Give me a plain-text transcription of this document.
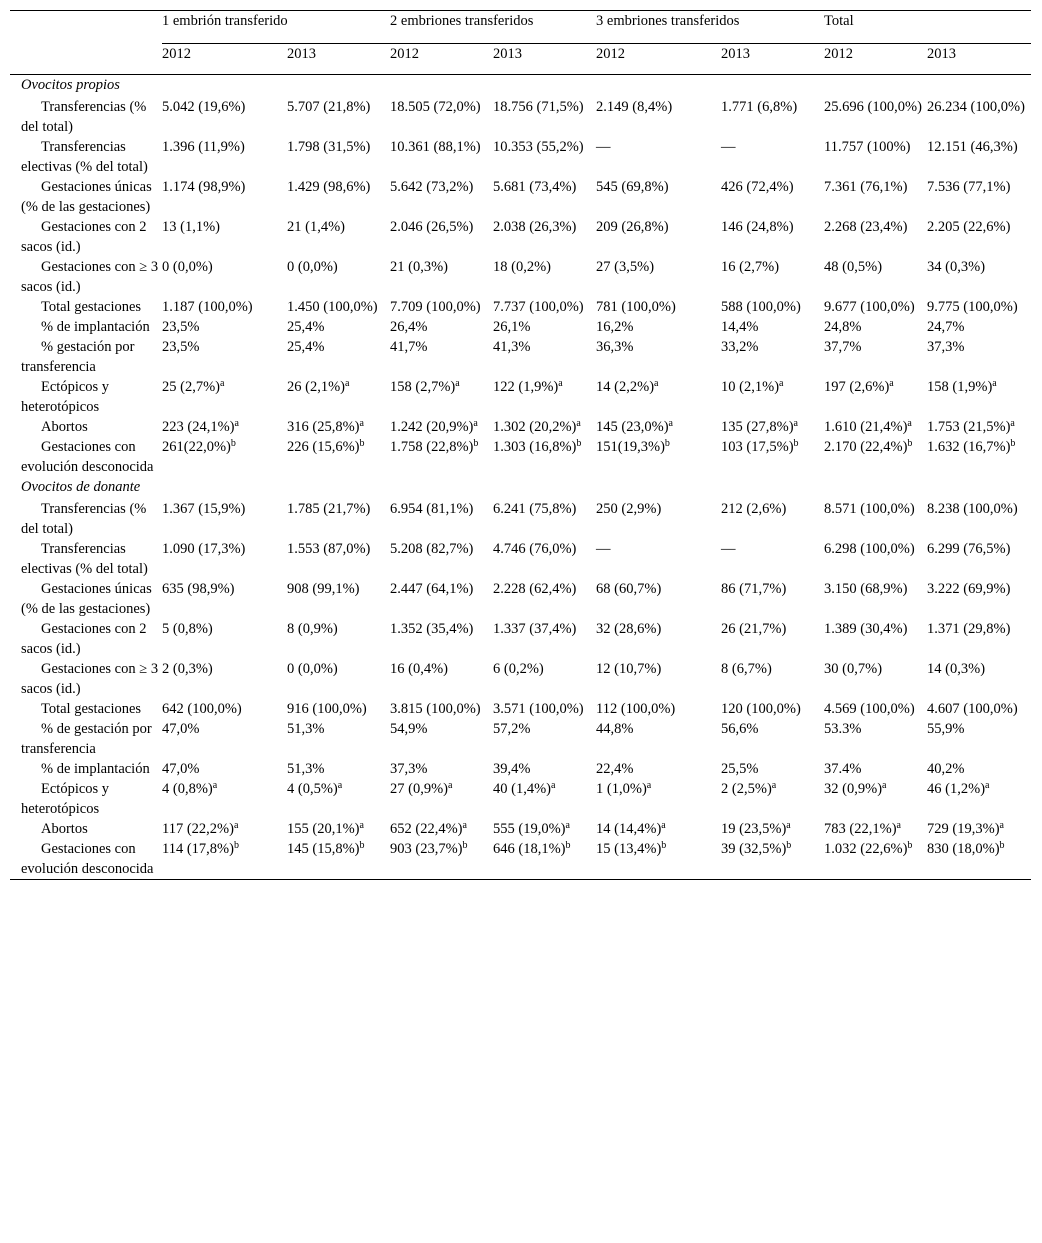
	1 embrión transferido		2 embriones transferidos		3 embriones transferidos		Total	
	2012	2013	2012	2013	2012	2013	2012	2013
Ovocitos propios								

Transferencias (% del total)	5.042 (19,6%)	5.707 (21,8%)	18.505 (72,0%)	18.756 (71,5%)	2.149 (8,4%)	1.771 (6,8%)	25.696 (100,0%)	26.234 (100,0%)

Transferencias electivas (% del total)	1.396 (11,9%)	1.798 (31,5%)	10.361 (88,1%)	10.353 (55,2%)	—	—	11.757 (100%)	12.151 (46,3%)

Gestaciones únicas (% de las gestaciones)	1.174 (98,9%)	1.429 (98,6%)	5.642 (73,2%)	5.681 (73,4%)	545 (69,8%)	426 (72,4%)	7.361 (76,1%)	7.536 (77,1%)

Gestaciones con 2 sacos (id.)	13 (1,1%)	21 (1,4%)	2.046 (26,5%)	2.038 (26,3%)	209 (26,8%)	146 (24,8%)	2.268 (23,4%)	2.205 (22,6%)

Gestaciones con ≥ 3 sacos (id.)	0 (0,0%)	0 (0,0%)	21 (0,3%)	18 (0,2%)	27 (3,5%)	16 (2,7%)	48 (0,5%)	34 (0,3%)

Total gestaciones	1.187 (100,0%)	1.450 (100,0%)	7.709 (100,0%)	7.737 (100,0%)	781 (100,0%)	588 (100,0%)	9.677 (100,0%)	9.775 (100,0%)

% de implantación	23,5%	25,4%	26,4%	26,1%	16,2%	14,4%	24,8%	24,7%

% gestación por transferencia	23,5%	25,4%	41,7%	41,3%	36,3%	33,2%	37,7%	37,3%

Ectópicos y heterotópicos	25 $(2,7\%)^a$	26 $(2,1\%)^a$	158 $(2,7\%)^a$	122 $(1,9\%)^a$	14 $(2,2\%)^a$	10 $(2,1\%)^a$	197 $(2,6\%)^a$	158 $(1,9\%)^a$

Abortos	223 $(24,1\%)^a$	316 $(25,8\%)^a$	1.242 $(20,9\%)^a$	1.302 $(20,2\%)^a$	145 $(23,0\%)^a$	135 $(27,8\%)^a$	1.610 $(21,4\%)^a$	1.753 $(21,5\%)^a$

Gestaciones con evolución desconocida	$261(22,0\%)^b$	226 $(15,6\%)^b$	1.758 $(22,8\%)^b$	1.303 $(16,8\%)^b$	$151(19,3\%)^b$	103 $(17,5\%)^b$	2.170 $(22,4\%)^b$	1.632 $(16,7\%)^b$
Ovocitos de donante								

Transferencias (% del total)	1.367 (15,9%)	1.785 (21,7%)	6.954 (81,1%)	6.241 (75,8%)	250 (2,9%)	212 (2,6%)	8.571 (100,0%)	8.238 (100,0%)

Transferencias electivas (% del total)	1.090 (17,3%)	1.553 (87,0%)	5.208 (82,7%)	4.746 (76,0%)	—	—	6.298 (100,0%)	6.299 (76,5%)

Gestaciones únicas (% de las gestaciones)	635 (98,9%)	908 (99,1%)	2.447 (64,1%)	2.228 (62,4%)	68 (60,7%)	86 (71,7%)	3.150 (68,9%)	3.222 (69,9%)

Gestaciones con 2 sacos (id.)	5 (0,8%)	8 (0,9%)	1.352 (35,4%)	1.337 (37,4%)	32 (28,6%)	26 (21,7%)	1.389 (30,4%)	1.371 (29,8%)

Gestaciones con ≥ 3 sacos (id.)	2 (0,3%)	0 (0,0%)	16 (0,4%)	6 (0,2%)	12 (10,7%)	8 (6,7%)	30 (0,7%)	14 (0,3%)

Total gestaciones	642 (100,0%)	916 (100,0%)	3.815 (100,0%)	3.571 (100,0%)	112 (100,0%)	120 (100,0%)	4.569 (100,0%)	4.607 (100,0%)

% de gestación por transferencia	47,0%	51,3%	54,9%	57,2%	44,8%	56,6%	53.3%	55,9%

% de implantación	47,0%	51,3%	37,3%	39,4%	22,4%	25,5%	37.4%	40,2%

Ectópicos y heterotópicos	4 $(0,8\%)^a$	4 $(0,5\%)^a$	27 $(0,9\%)^a$	40 $(1,4\%)^a$	1 $(1,0\%)^a$	2 $(2,5\%)^a$	32 $(0,9\%)^a$	46 $(1,2\%)^a$

Abortos	117 $(22,2\%)^a$	155 $(20,1\%)^a$	652 $(22,4\%)^a$	555 $(19,0\%)^a$	14 $(14,4\%)^a$	19 $(23,5\%)^a$	783 $(22,1\%)^a$	729 $(19,3\%)^a$

Gestaciones con evolución desconocida	114 $(17,8\%)^b$	145 $(15,8\%)^b$	903 $(23,7\%)^b$	646 $(18,1\%)^b$	15 $(13,4\%)^b$	39 $(32,5\%)^b$	1.032 $(22,6\%)^b$	830 $(18,0\%)^b$
